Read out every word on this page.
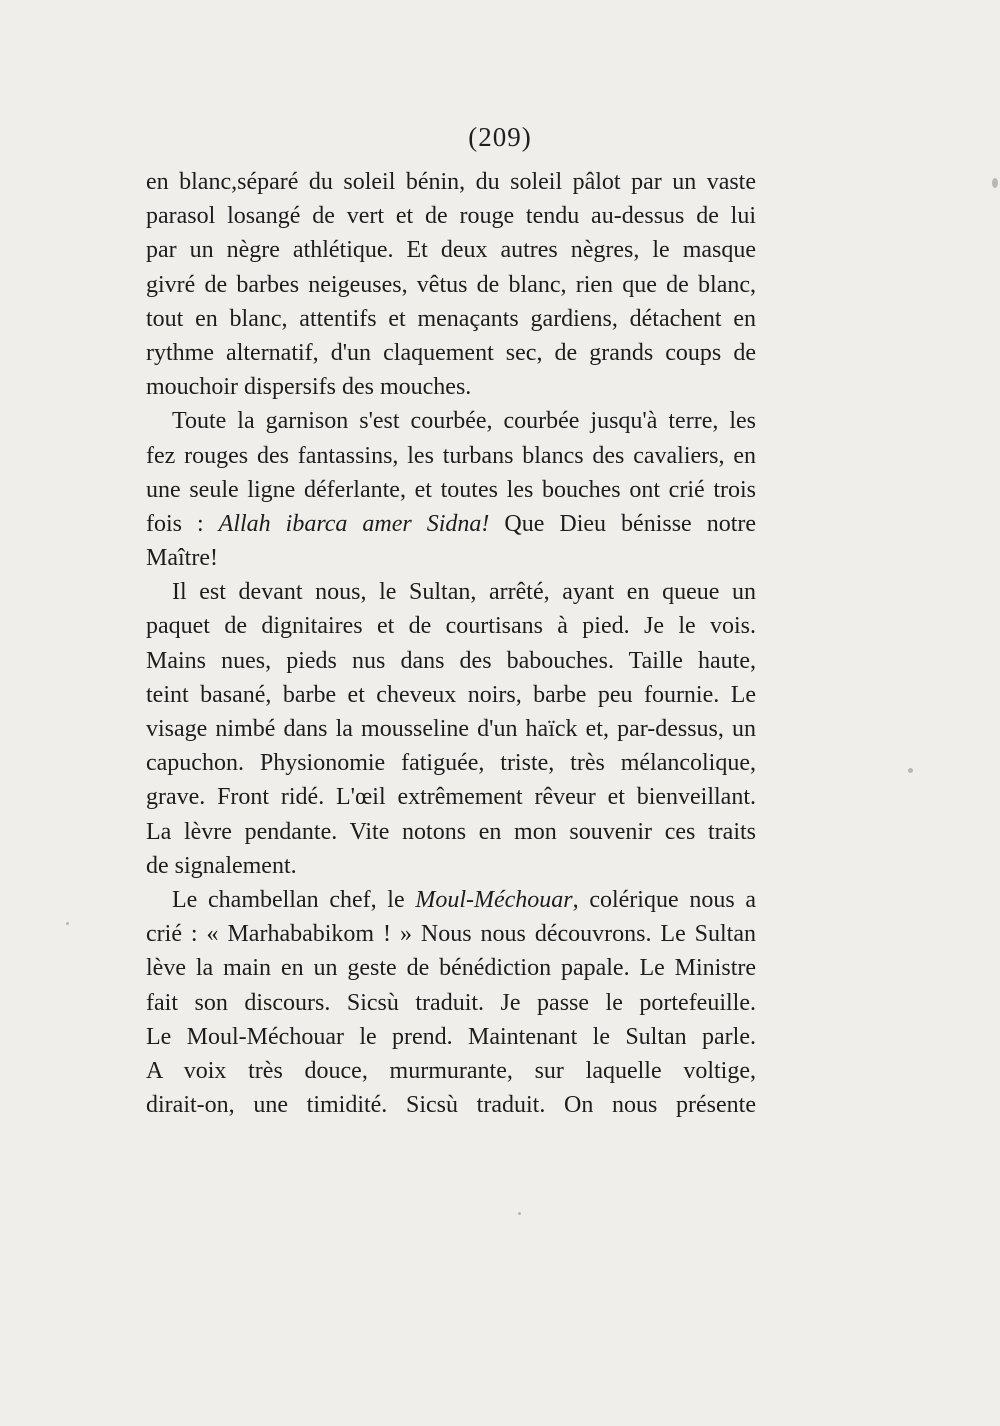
(209)
en blanc,séparé du soleil bénin, du soleil pâlot par un vaste
parasol losangé de vert et de rouge tendu au-dessus de lui
par un nègre athlétique. Et deux autres nègres, le masque
givré de barbes neigeuses, vêtus de blanc, rien que de blanc,
tout en blanc, attentifs et menaçants gardiens, détachent en
rythme alternatif, d'un claquement sec, de grands coups de
mouchoir dispersifs des mouches.
Toute la garnison s'est courbée, courbée jusqu'à terre, les
fez rouges des fantassins, les turbans blancs des cavaliers, en
une seule ligne déferlante, et toutes les bouches ont crié trois
fois : Allah ibarca amer Sidna! Que Dieu bénisse notre
Maître!
Il est devant nous, le Sultan, arrêté, ayant en queue un
paquet de dignitaires et de courtisans à pied. Je le vois.
Mains nues, pieds nus dans des babouches. Taille haute,
teint basané, barbe et cheveux noirs, barbe peu fournie. Le
visage nimbé dans la mousseline d'un haïck et, par-dessus, un
capuchon. Physionomie fatiguée, triste, très mélancolique,
grave. Front ridé. L'œil extrêmement rêveur et bienveillant.
La lèvre pendante. Vite notons en mon souvenir ces traits
de signalement.
Le chambellan chef, le Moul-Méchouar, colérique nous a
crié : « Marhababikom ! » Nous nous découvrons. Le Sultan
lève la main en un geste de bénédiction papale. Le Ministre
fait son discours. Sicsù traduit. Je passe le portefeuille.
Le Moul-Méchouar le prend. Maintenant le Sultan parle.
A voix très douce, murmurante, sur laquelle voltige,
dirait-on, une timidité. Sicsù traduit. On nous présente
